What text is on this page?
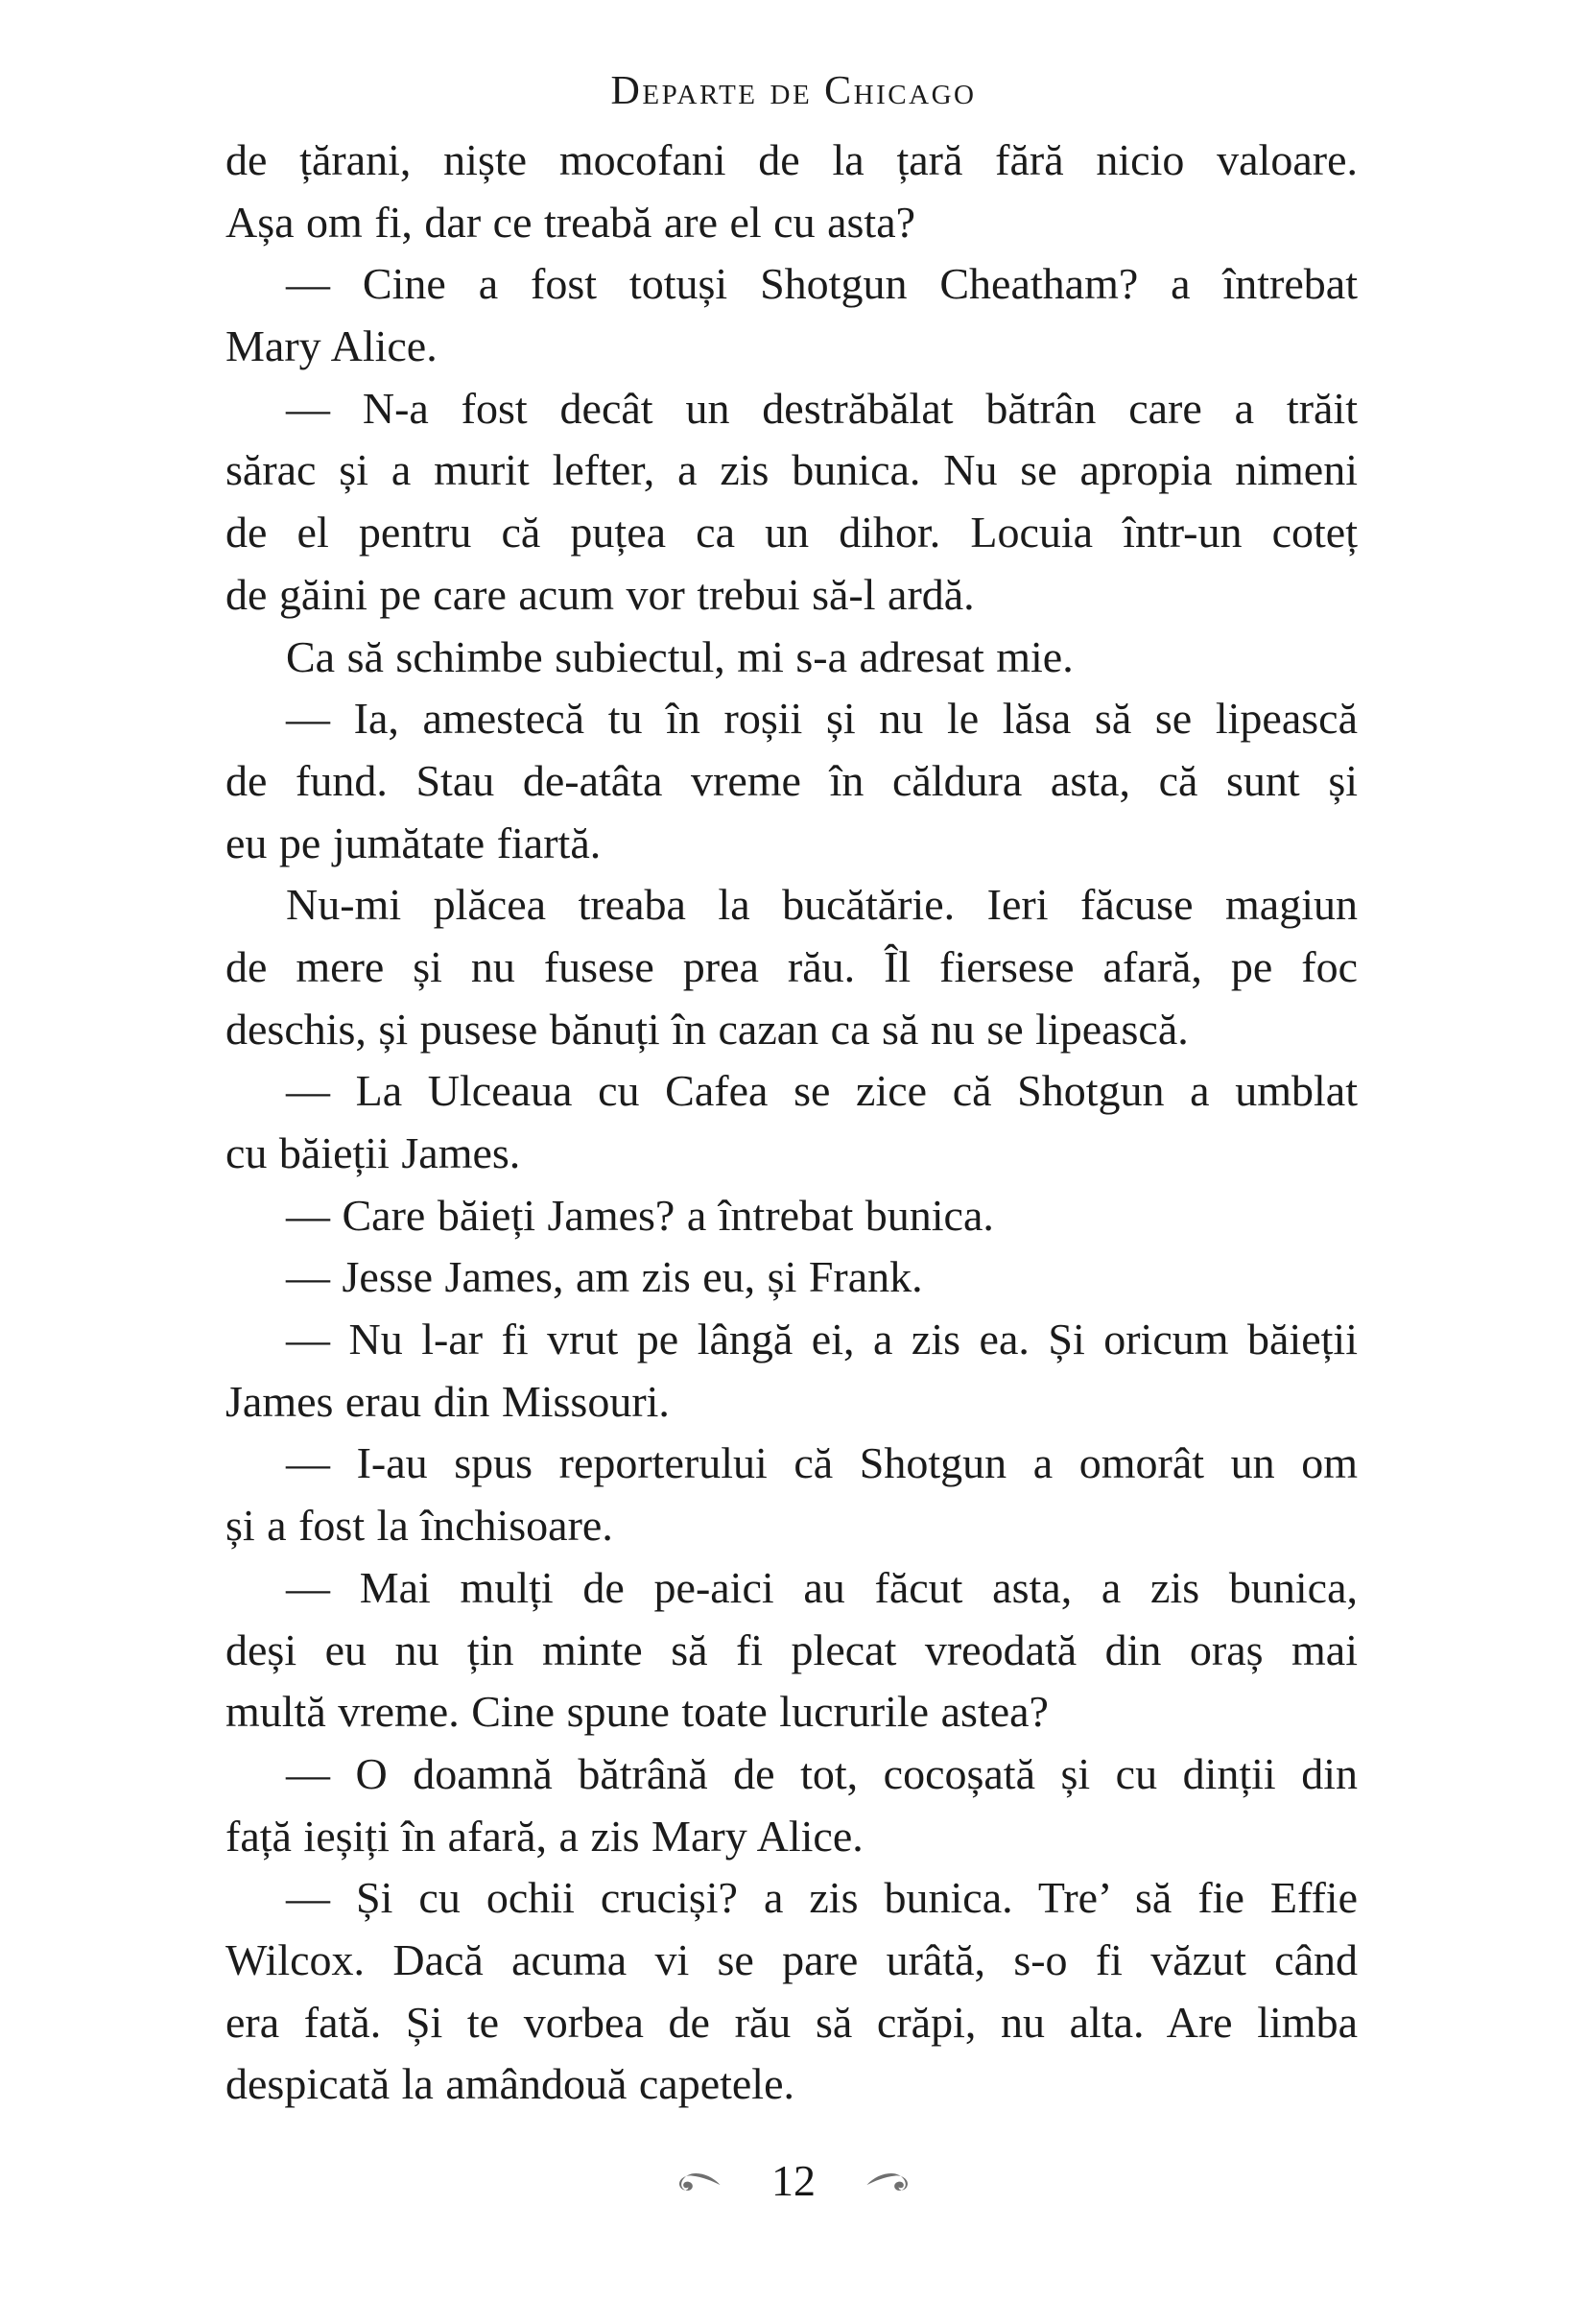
Departe de Chicago
de țărani, niște mocofani de la țară fără nicio valoare.
Așa om fi, dar ce treabă are el cu asta?
— Cine a fost totuși Shotgun Cheatham? a întrebat
Mary Alice.
— N-a fost decât un destrăbălat bătrân care a trăit
sărac și a murit lefter, a zis bunica. Nu se apropia nimeni
de el pentru că puțea ca un dihor. Locuia într-un coteț
de găini pe care acum vor trebui să-l ardă.
Ca să schimbe subiectul, mi s-a adresat mie.
— Ia, amestecă tu în roșii și nu le lăsa să se lipească
de fund. Stau de-atâta vreme în căldura asta, că sunt și
eu pe jumătate fiartă.
Nu-mi plăcea treaba la bucătărie. Ieri făcuse magiun
de mere și nu fusese prea rău. Îl fiersese afară, pe foc
deschis, și pusese bănuți în cazan ca să nu se lipească.
— La Ulceaua cu Cafea se zice că Shotgun a umblat
cu băieții James.
— Care băieți James? a întrebat bunica.
— Jesse James, am zis eu, și Frank.
— Nu l-ar fi vrut pe lângă ei, a zis ea. Și oricum băieții
James erau din Missouri.
— I-au spus reporterului că Shotgun a omorât un om
și a fost la închisoare.
— Mai mulți de pe-aici au făcut asta, a zis bunica,
deși eu nu țin minte să fi plecat vreodată din oraș mai
multă vreme. Cine spune toate lucrurile astea?
— O doamnă bătrână de tot, cocoșată și cu dinții din
față ieșiți în afară, a zis Mary Alice.
— Și cu ochii cruciși? a zis bunica. Tre’ să fie Effie
Wilcox. Dacă acuma vi se pare urâtă, s-o fi văzut când
era fată. Și te vorbea de rău să crăpi, nu alta. Are limba
despicată la amândouă capetele.
12
